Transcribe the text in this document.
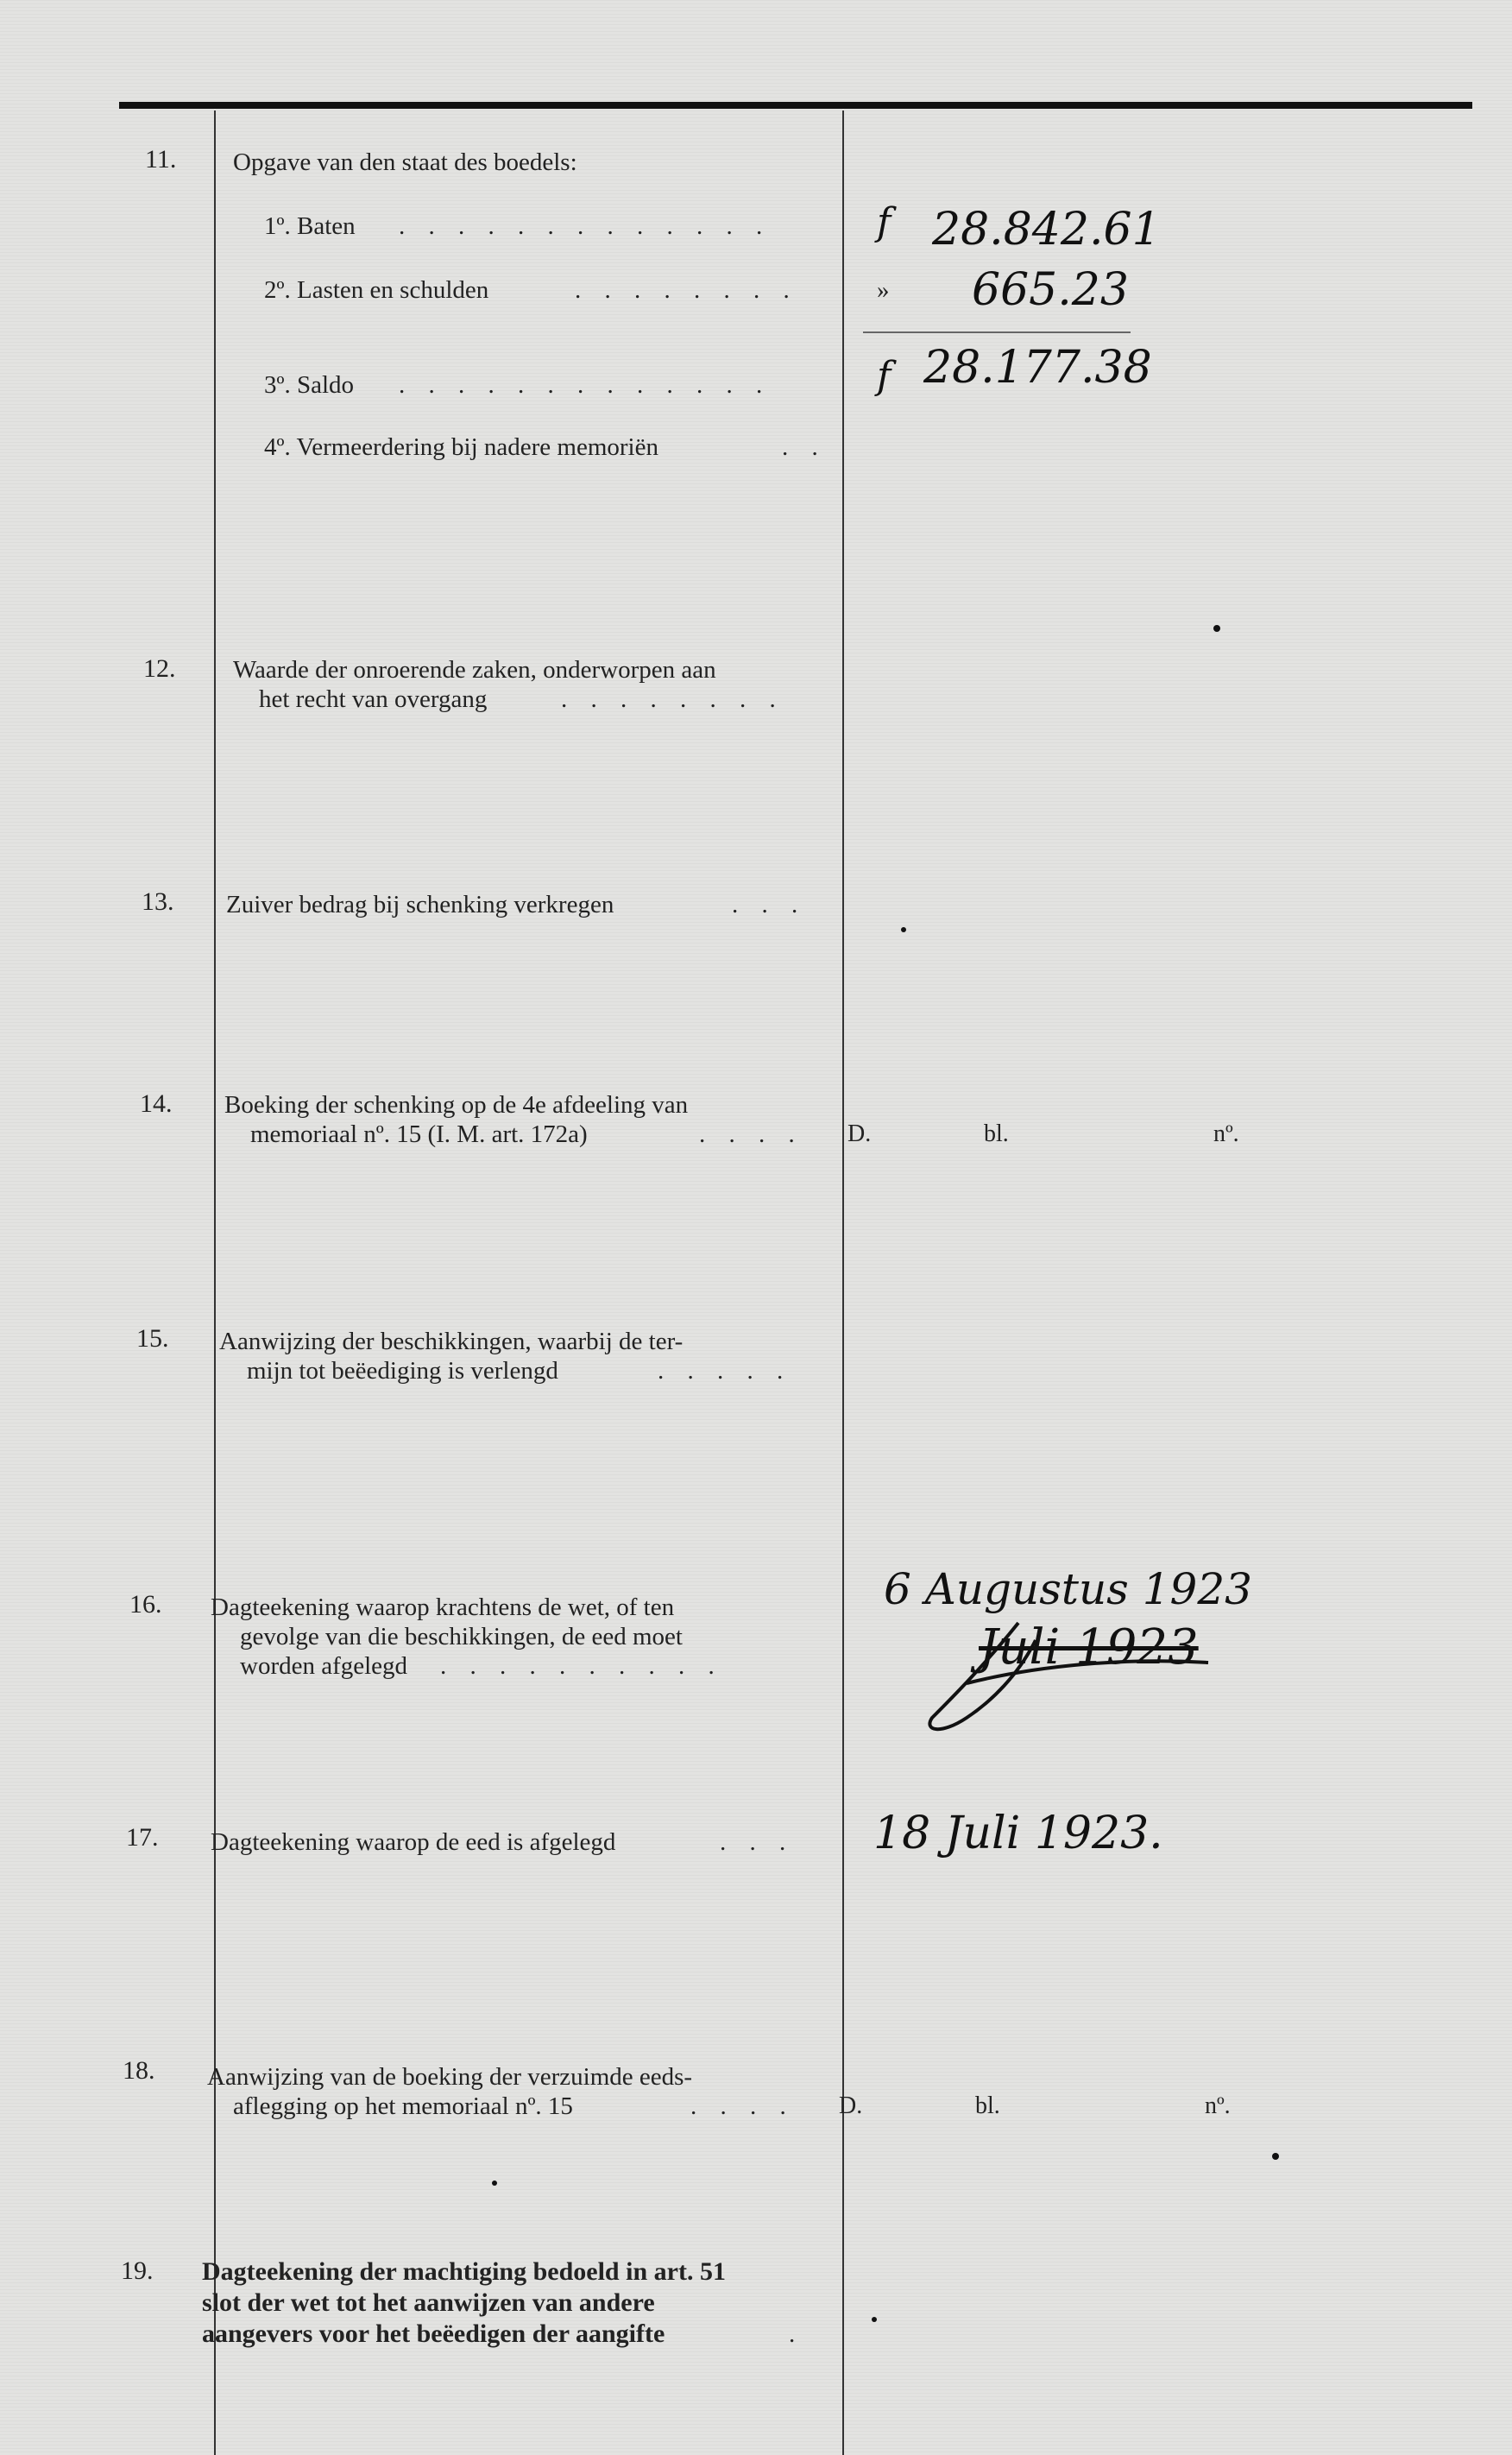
11. Opgave van den staat des boedels:
1º. Baten . . . . . . . . . . . . .	f 28.842.61
2º. Lasten en schulden	. . . . . . . .	» 665.23
3º. Saldo . . . . . . . . . . . . .	f 28.177.38
4º. Vermeerdering bij nadere memoriën	. .
12. Waarde der onroerende zaken, onderworpen aan
het recht van overgang	. . . . . . . .
13. Zuiver bedrag bij schenking verkregen	. . .
14. Boeking der schenking op de 4e afdeeling van
memoriaal nº. 15 (I. M. art. 172a)	. . . . D.	bl.	nº.
15. Aanwijzing der beschikkingen, waarbij de ter-
mijn tot beëediging is verlengd	. . . . .
16. Dagteekening waarop krachtens de wet, of ten
gevolge van die beschikkingen, de eed moet
worden afgelegd . . . . . . . . . .
6 Augustus 1923
Juli 1923
17. Dagteekening waarop de eed is afgelegd	. . . 18 Juli 1923.
18. Aanwijzing van de boeking der verzuimde eeds-
aflegging op het memoriaal nº. 15	. . . . D.	bl.	nº.
19. Dagteekening der machtiging bedoeld in art. 51
slot der wet tot het aanwijzen van andere
aangevers voor het beëedigen der aangifte	.
